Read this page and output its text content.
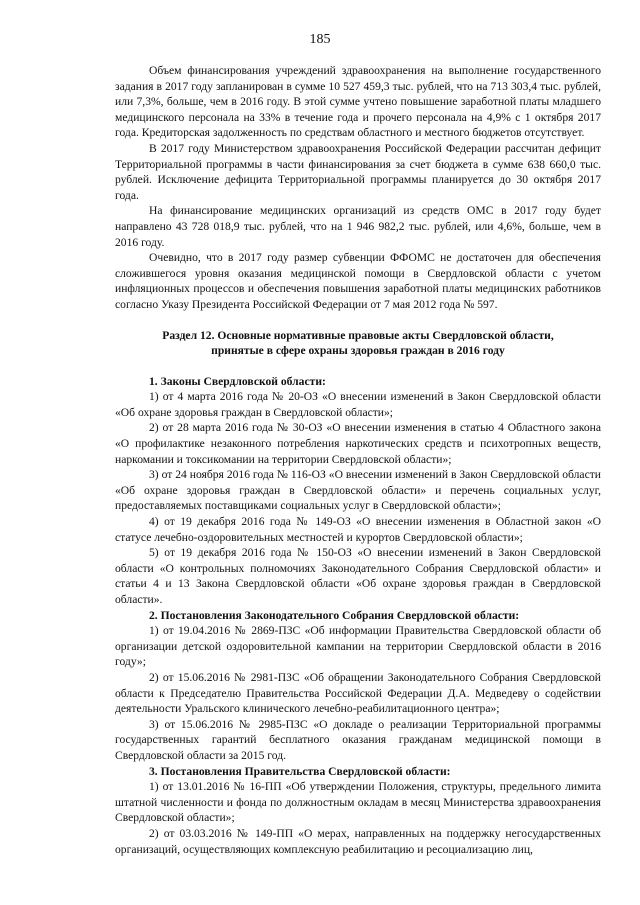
185

Объем финансирования учреждений здравоохранения на выполнение государственного задания в 2017 году запланирован в сумме 10 527 459,3 тыс. рублей, что на 713 303,4 тыс. рублей, или 7,3%, больше, чем в 2016 году. В этой сумме учтено повышение заработной платы младшего медицинского персонала на 33% в течение года и прочего персонала на 4,9% с 1 октября 2017 года. Кредиторская задолженность по средствам областного и местного бюджетов отсутствует.

В 2017 году Министерством здравоохранения Российской Федерации рассчитан дефицит Территориальной программы в части финансирования за счет бюджета в сумме 638 660,0 тыс. рублей. Исключение дефицита Территориальной программы планируется до 30 октября 2017 года.

На финансирование медицинских организаций из средств ОМС в 2017 году будет направлено 43 728 018,9 тыс. рублей, что на 1 946 982,2 тыс. рублей, или 4,6%, больше, чем в 2016 году.

Очевидно, что в 2017 году размер субвенции ФФОМС не достаточен для обеспечения сложившегося уровня оказания медицинской помощи в Свердловской области с учетом инфляционных процессов и обеспечения повышения заработной платы медицинских работников согласно Указу Президента Российской Федерации от 7 мая 2012 года № 597.

Раздел 12. Основные нормативные правовые акты Свердловской области,
принятые в сфере охраны здоровья граждан в 2016 году

1. Законы Свердловской области:

1) от 4 марта 2016 года № 20-ОЗ «О внесении изменений в Закон Свердловской области «Об охране здоровья граждан в Свердловской области»;

2) от 28 марта 2016 года № 30-ОЗ «О внесении изменения в статью 4 Областного закона «О профилактике незаконного потребления наркотических средств и психотропных веществ, наркомании и токсикомании на территории Свердловской области»;

3) от 24 ноября 2016 года № 116-ОЗ «О внесении изменений в Закон Свердловской области «Об охране здоровья граждан в Свердловской области» и перечень социальных услуг, предоставляемых поставщиками социальных услуг в Свердловской области»;

4) от 19 декабря 2016 года № 149-ОЗ «О внесении изменения в Областной закон «О статусе лечебно-оздоровительных местностей и курортов Свердловской области»;

5) от 19 декабря 2016 года № 150-ОЗ «О внесении изменений в Закон Свердловской области «О контрольных полномочиях Законодательного Собрания Свердловской области» и статьи 4 и 13 Закона Свердловской области «Об охране здоровья граждан в Свердловской области».

2. Постановления Законодательного Собрания Свердловской области:

1) от 19.04.2016 № 2869-ПЗС «Об информации Правительства Свердловской области об организации детской оздоровительной кампании на территории Свердловской области в 2016 году»;

2) от 15.06.2016 № 2981-ПЗС «Об обращении Законодательного Собрания Свердловской области к Председателю Правительства Российской Федерации Д.А. Медведеву о содействии деятельности Уральского клинического лечебно-реабилитационного центра»;

3) от 15.06.2016 № 2985-ПЗС «О докладе о реализации Территориальной программы государственных гарантий бесплатного оказания гражданам медицинской помощи в Свердловской области за 2015 год.

3. Постановления Правительства Свердловской области:

1) от 13.01.2016 № 16-ПП «Об утверждении Положения, структуры, предельного лимита штатной численности и фонда по должностным окладам в месяц Министерства здравоохранения Свердловской области»;

2) от 03.03.2016 № 149-ПП «О мерах, направленных на поддержку негосударственных организаций, осуществляющих комплексную реабилитацию и ресоциализацию лиц,
